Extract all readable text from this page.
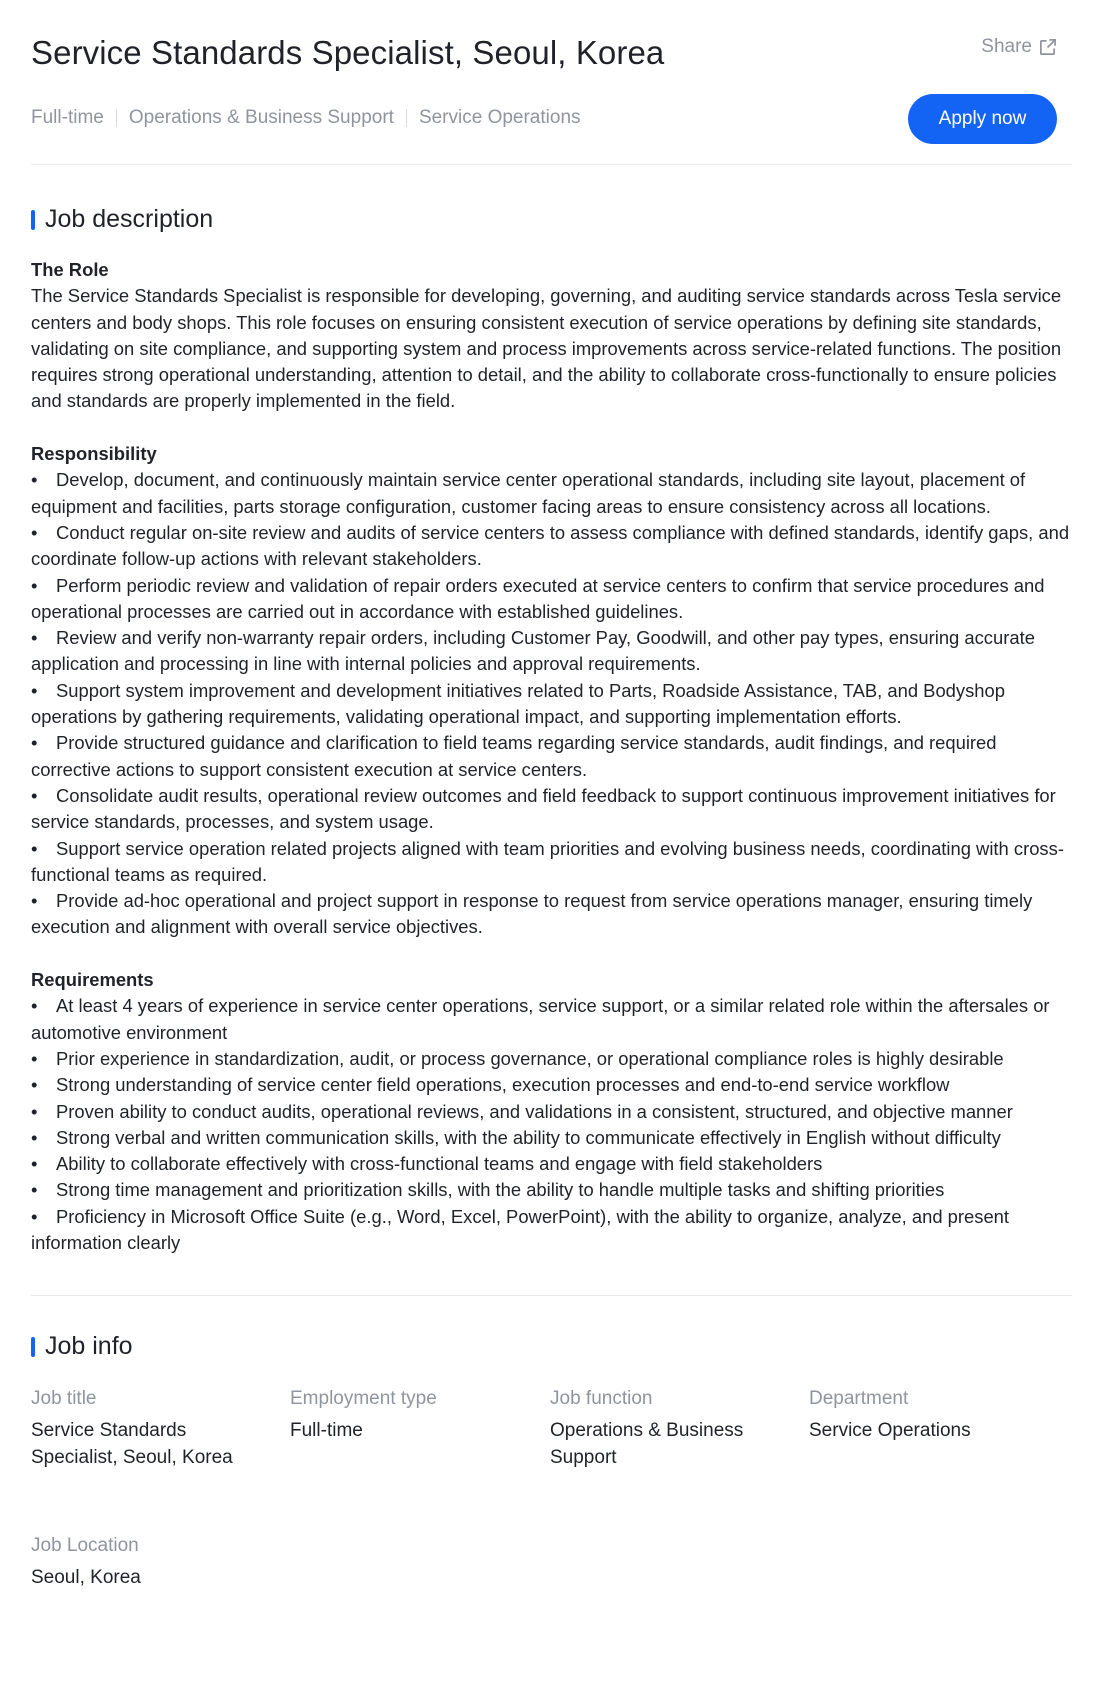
Service Standards Specialist, Seoul, Korea	Share
Full-time Operations & Business Support Service Operations	Apply now
Job description
The Role

The Service Standards Specialist is responsible for developing, governing, and auditing service standards across Tesla service centers and body shops. This role focuses on ensuring consistent execution of service operations by defining site standards, validating on site compliance, and supporting system and process improvements across service-related functions. The position requires strong operational understanding, attention to detail, and the ability to collaborate cross-functionally to ensure policies and standards are properly implemented in the field.

Responsibility
• Develop, document, and continuously maintain service center operational standards, including site layout, placement of equipment and facilities, parts storage configuration, customer facing areas to ensure consistency across all locations.
• Conduct regular on-site review and audits of service centers to assess compliance with defined standards, identify gaps, and coordinate follow-up actions with relevant stakeholders.
• Perform periodic review and validation of repair orders executed at service centers to confirm that service procedures and operational processes are carried out in accordance with established guidelines.
• Review and verify non-warranty repair orders, including Customer Pay, Goodwill, and other pay types, ensuring accurate application and processing in line with internal policies and approval requirements.
• Support system improvement and development initiatives related to Parts, Roadside Assistance, TAB, and Bodyshop operations by gathering requirements, validating operational impact, and supporting implementation efforts.
• Provide structured guidance and clarification to field teams regarding service standards, audit findings, and required corrective actions to support consistent execution at service centers.
• Consolidate audit results, operational review outcomes and field feedback to support continuous improvement initiatives for service standards, processes, and system usage.
• Support service operation related projects aligned with team priorities and evolving business needs, coordinating with cross-functional teams as required.
• Provide ad-hoc operational and project support in response to request from service operations manager, ensuring timely execution and alignment with overall service objectives.
Requirements
• At least 4 years of experience in service center operations, service support, or a similar related role within the aftersales or automotive environment
• Prior experience in standardization, audit, or process governance, or operational compliance roles is highly desirable
• Strong understanding of service center field operations, execution processes and end-to-end service workflow
• Proven ability to conduct audits, operational reviews, and validations in a consistent, structured, and objective manner
• Strong verbal and written communication skills, with the ability to communicate effectively in English without difficulty
• Ability to collaborate effectively with cross-functional teams and engage with field stakeholders
• Strong time management and prioritization skills, with the ability to handle multiple tasks and shifting priorities
• Proficiency in Microsoft Office Suite (e.g., Word, Excel, PowerPoint), with the ability to organize, analyze, and present information clearly
Job info
Job title
Service Standards Specialist, Seoul, Korea
Employment type
Full-time
Job function
Operations & Business Support
Department
Service Operations
Job Location
Seoul, Korea
